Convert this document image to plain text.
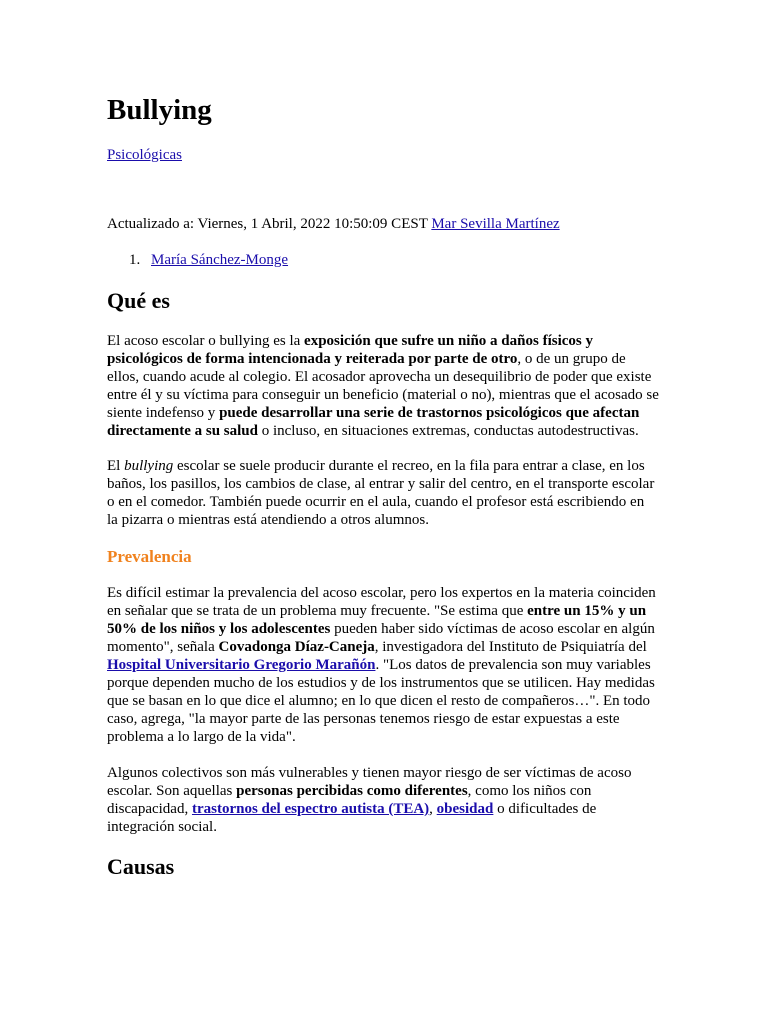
Bullying
Psicológicas
Actualizado a: Viernes, 1 Abril, 2022 10:50:09 CEST Mar Sevilla Martínez
1. María Sánchez-Monge
Qué es

El acoso escolar o bullying es la exposición que sufre un niño a daños físicos y
psicológicos de forma intencionada y reiterada por parte de otro, o de un grupo de
ellos, cuando acude al colegio. El acosador aprovecha un desequilibrio de poder que existe
entre él y su víctima para conseguir un beneficio (material o no), mientras que el acosado se
siente indefenso y puede desarrollar una serie de trastornos psicológicos que afectan
directamente a su salud o incluso, en situaciones extremas, conductas autodestructivas.

El bullying escolar se suele producir durante el recreo, en la fila para entrar a clase, en los
baños, los pasillos, los cambios de clase, al entrar y salir del centro, en el transporte escolar
o en el comedor. También puede ocurrir en el aula, cuando el profesor está escribiendo en
la pizarra o mientras está atendiendo a otros alumnos.

Prevalencia

Es difícil estimar la prevalencia del acoso escolar, pero los expertos en la materia coinciden
en señalar que se trata de un problema muy frecuente. "Se estima que entre un 15% y un
50% de los niños y los adolescentes pueden haber sido víctimas de acoso escolar en algún
momento", señala Covadonga Díaz-Caneja, investigadora del Instituto de Psiquiatría del
Hospital Universitario Gregorio Marañón. "Los datos de prevalencia son muy variables
porque dependen mucho de los estudios y de los instrumentos que se utilicen. Hay medidas
que se basan en lo que dice el alumno; en lo que dicen el resto de compañeros…". En todo
caso, agrega, "la mayor parte de las personas tenemos riesgo de estar expuestas a este
problema a lo largo de la vida".

Algunos colectivos son más vulnerables y tienen mayor riesgo de ser víctimas de acoso
escolar. Son aquellas personas percibidas como diferentes, como los niños con
discapacidad, trastornos del espectro autista (TEA), obesidad o dificultades de
integración social.

Causas
